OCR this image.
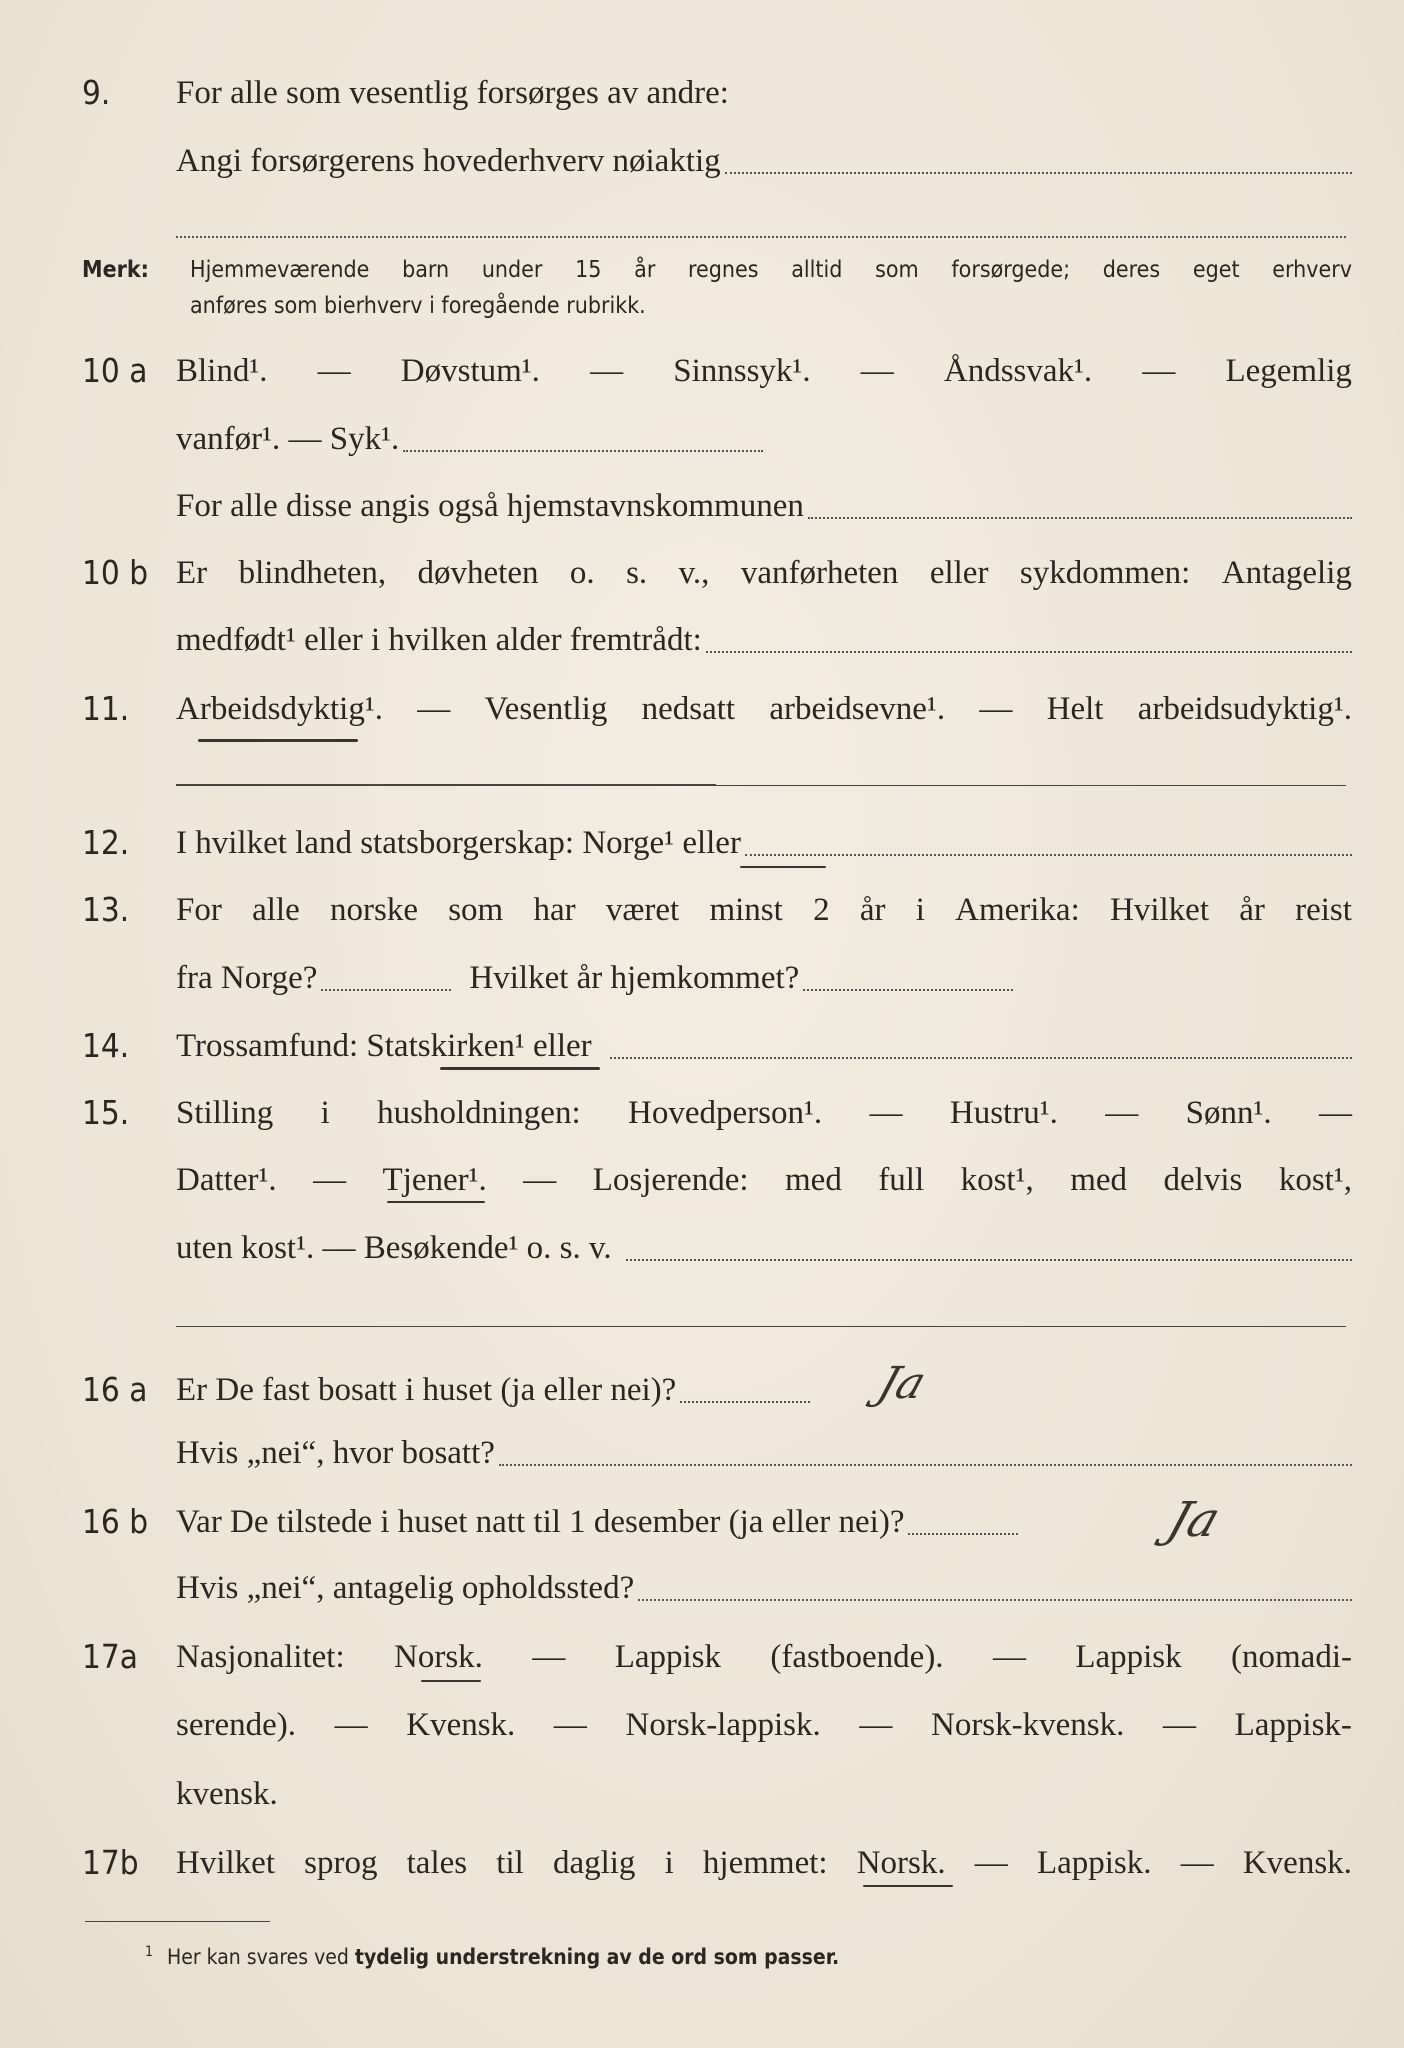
9.	For alle som vesentlig forsørges av andre:
Angi forsørgerens hovederhverv nøiaktig
Merk: Hjemmeværende barn under 15 år regnes alltid som forsørgede; deres eget erhverv
anføres som bierhverv i foregående rubrikk.
10 a Blind¹. — Døvstum¹. — Sinnssyk¹. — Åndssvak¹. — Legemlig
vanfør¹. — Syk¹.
For alle disse angis også hjemstavnskommunen
10 b Er blindheten, døvheten o. s. v., vanførheten eller sykdommen: Antagelig
medfødt¹ eller i hvilken alder fremtrådt:
11.	Arbeidsdyktig¹. — Vesentlig nedsatt arbeidsevne¹. — Helt arbeidsudyktig¹.
12.	I hvilket land statsborgerskap: Norge¹ eller
13.	For alle norske som har været minst 2 år i Amerika: Hvilket år reist
fra Norge?	Hvilket år hjemkommet?
14.	Trossamfund: Statskirken¹ eller
15.	Stilling i husholdningen: Hovedperson¹. — Hustru¹. — Sønn¹. —
Datter¹. — Tjener¹. — Losjerende: med full kost¹, med delvis kost¹,
uten kost¹. — Besøkende¹ o. s. v.
16 a Er De fast bosatt i huset (ja eller nei)?	Ja
Hvis „nei“, hvor bosatt?
16 b Var De tilstede i huset natt til 1 desember (ja eller nei)?	Ja
Hvis „nei“, antagelig opholdssted?
17a	Nasjonalitet: Norsk. — Lappisk (fastboende). — Lappisk (nomadi-
serende). — Kvensk. — Norsk-lappisk. — Norsk-kvensk. — Lappisk-
kvensk.
17b	Hvilket sprog tales til daglig i hjemmet: Norsk. — Lappisk. — Kvensk.
$^1$ Her kan svares ved tydelig understrekning av de ord som passer.
